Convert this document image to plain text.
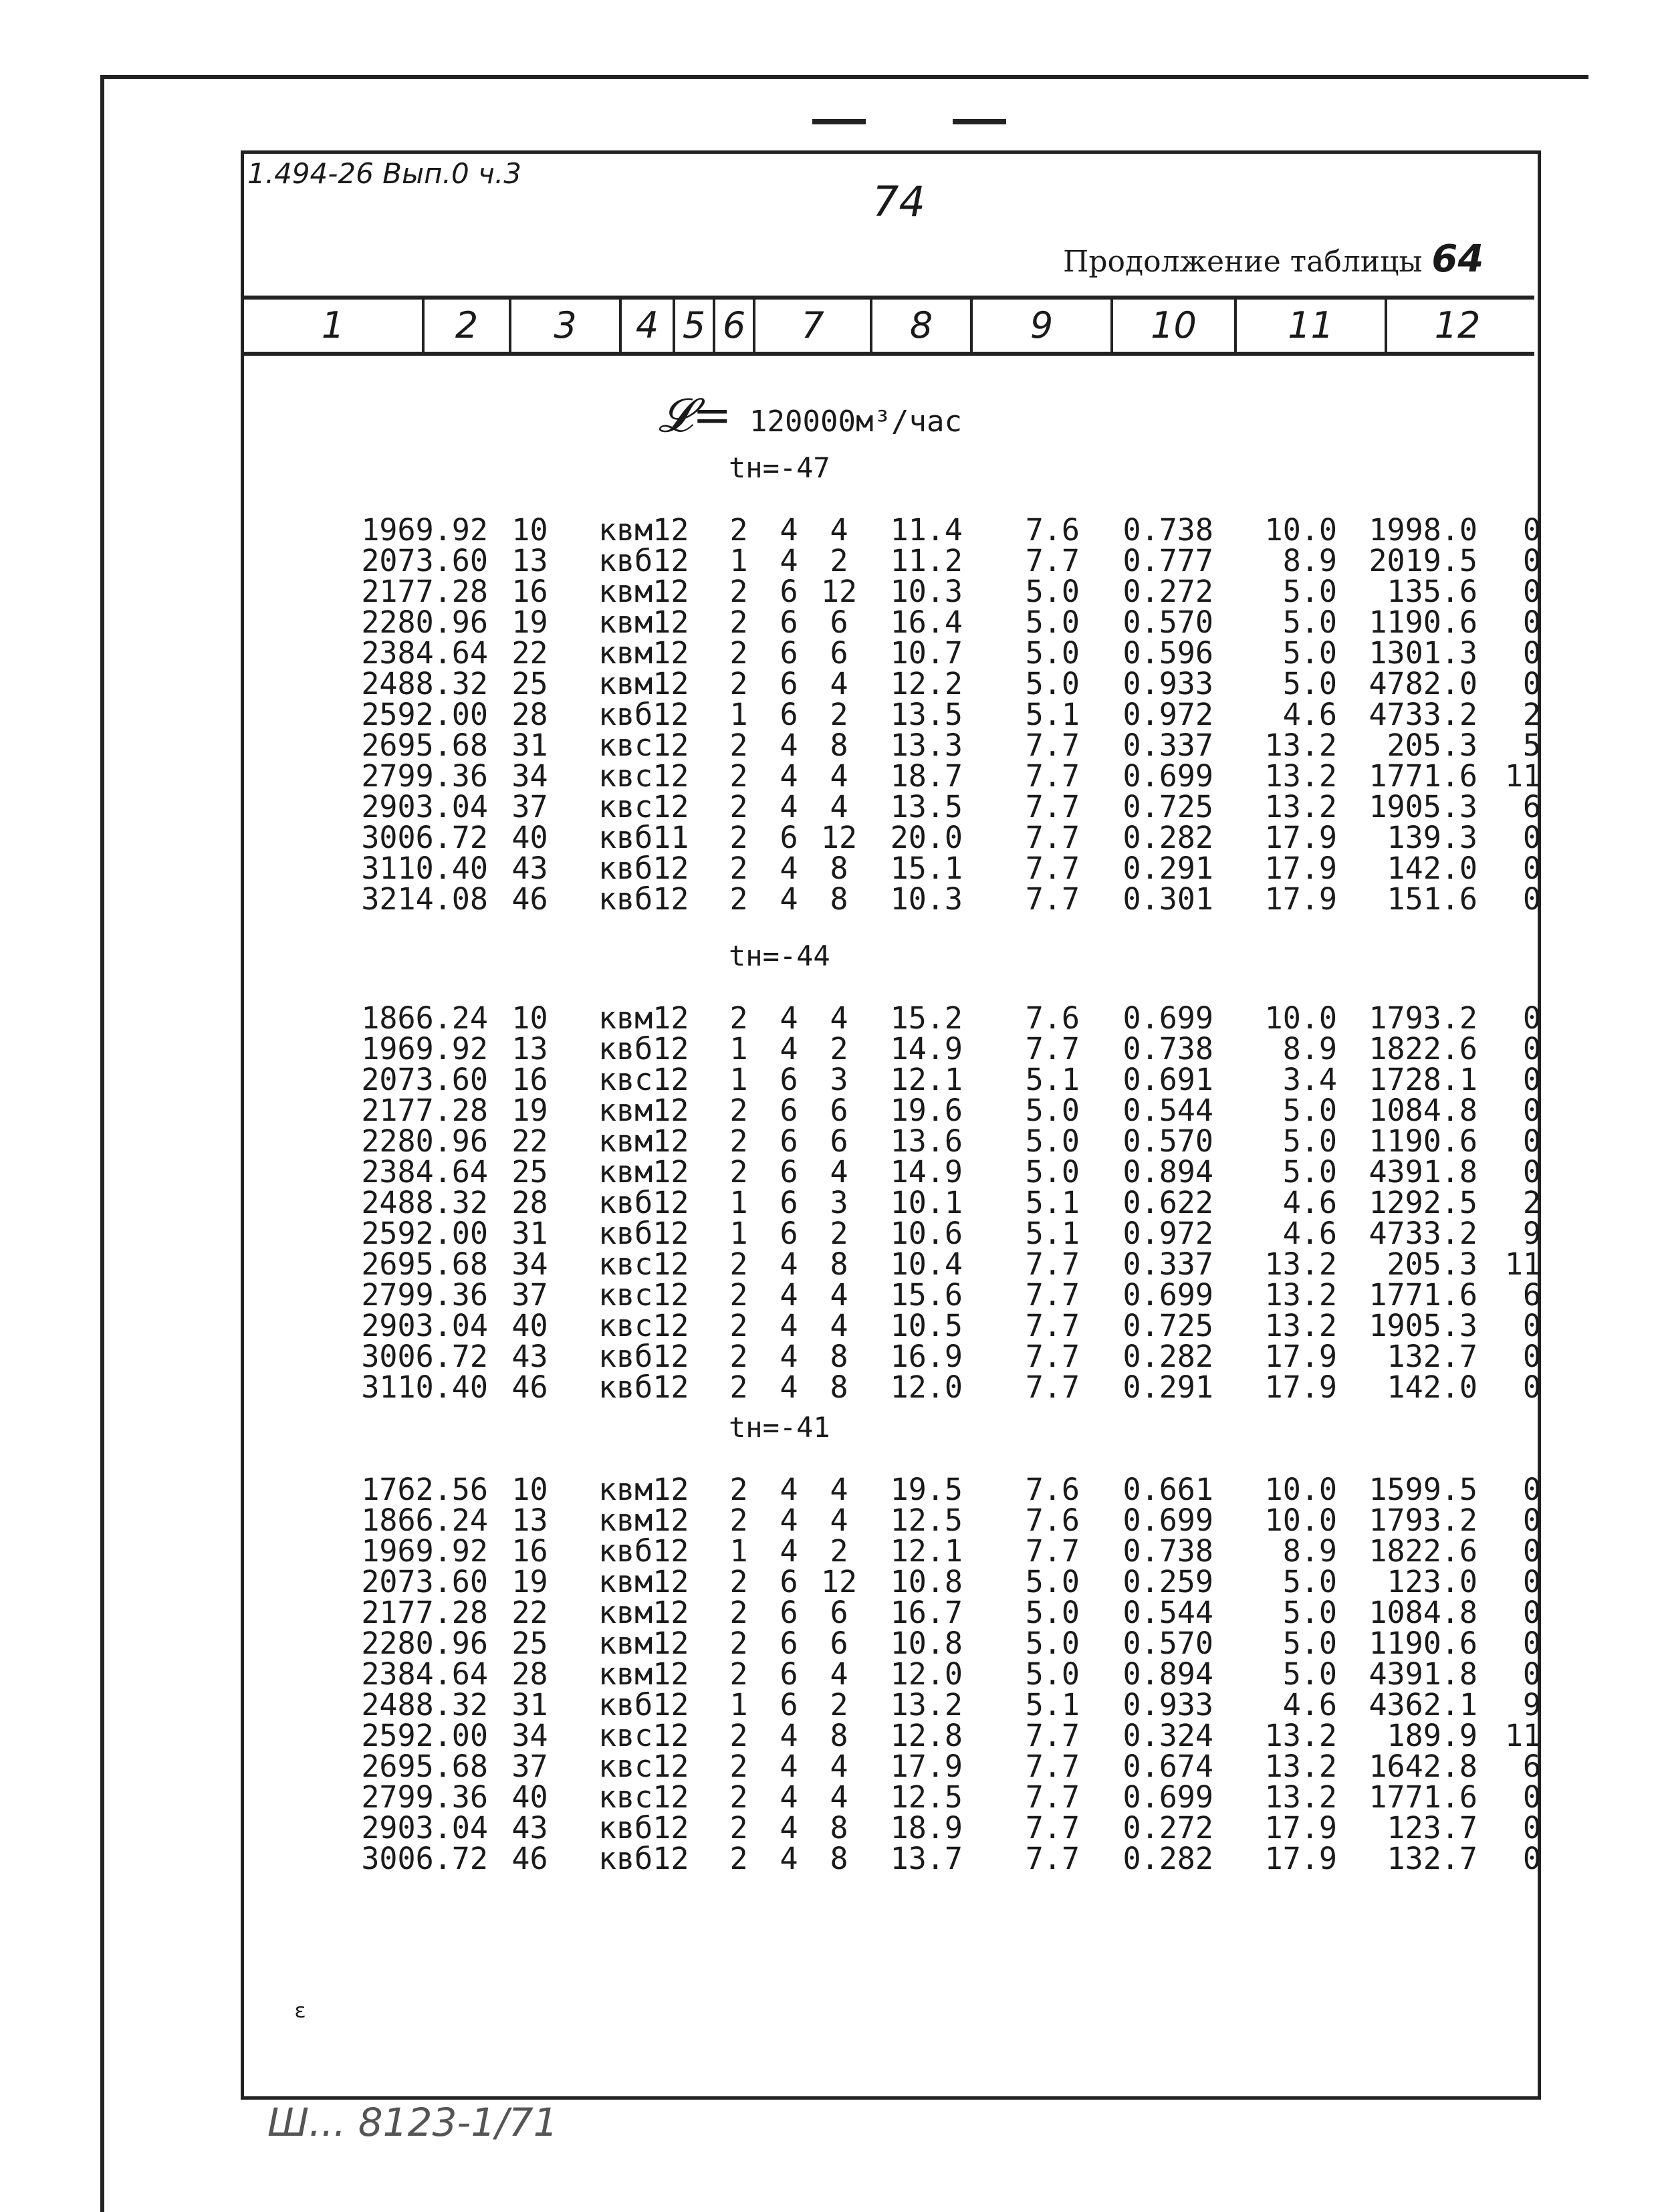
1.494-26 Вып.0 ч.3
74
Продолжение таблицы 64
1	2	3	4 5 6	7	8	9	10	11	12
𝓛= 120000м³/час
tн=-47
tн=-44
tн=-41
1969.92	10	квм12	2	4	4	11.4	7.6	0.738	10.0	1998.0	0
2073.60	13	квб12	1	4	2	11.2	7.7	0.777	8.9	2019.5	0
2177.28	16	квм12	2	6	12	10.3	5.0	0.272	5.0	135.6	0
2280.96	19	квм12	2	6	6	16.4	5.0	0.570	5.0	1190.6	0
2384.64	22	квм12	2	6	6	10.7	5.0	0.596	5.0	1301.3	0
2488.32	25	квм12	2	6	4	12.2	5.0	0.933	5.0	4782.0	0
2592.00	28	квб12	1	6	2	13.5	5.1	0.972	4.6	4733.2	2
2695.68	31	квс12	2	4	8	13.3	7.7	0.337	13.2	205.3	5
2799.36	34	квс12	2	4	4	18.7	7.7	0.699	13.2	1771.6	11
2903.04	37	квс12	2	4	4	13.5	7.7	0.725	13.2	1905.3	6
3006.72	40	квб11	2	6	12	20.0	7.7	0.282	17.9	139.3	0
3110.40	43	квб12	2	4	8	15.1	7.7	0.291	17.9	142.0	0
3214.08	46	квб12	2	4	8	10.3	7.7	0.301	17.9	151.6	0
1866.24	10	квм12	2	4	4	15.2	7.6	0.699	10.0	1793.2	0
1969.92	13	квб12	1	4	2	14.9	7.7	0.738	8.9	1822.6	0
2073.60	16	квс12	1	6	3	12.1	5.1	0.691	3.4	1728.1	0
2177.28	19	квм12	2	6	6	19.6	5.0	0.544	5.0	1084.8	0
2280.96	22	квм12	2	6	6	13.6	5.0	0.570	5.0	1190.6	0
2384.64	25	квм12	2	6	4	14.9	5.0	0.894	5.0	4391.8	0
2488.32	28	квб12	1	6	3	10.1	5.1	0.622	4.6	1292.5	2
2592.00	31	квб12	1	6	2	10.6	5.1	0.972	4.6	4733.2	9
2695.68	34	квс12	2	4	8	10.4	7.7	0.337	13.2	205.3	11
2799.36	37	квс12	2	4	4	15.6	7.7	0.699	13.2	1771.6	6
2903.04	40	квс12	2	4	4	10.5	7.7	0.725	13.2	1905.3	0
3006.72	43	квб12	2	4	8	16.9	7.7	0.282	17.9	132.7	0
3110.40	46	квб12	2	4	8	12.0	7.7	0.291	17.9	142.0	0
1762.56	10	квм12	2	4	4	19.5	7.6	0.661	10.0	1599.5	0
1866.24	13	квм12	2	4	4	12.5	7.6	0.699	10.0	1793.2	0
1969.92	16	квб12	1	4	2	12.1	7.7	0.738	8.9	1822.6	0
2073.60	19	квм12	2	6	12	10.8	5.0	0.259	5.0	123.0	0
2177.28	22	квм12	2	6	6	16.7	5.0	0.544	5.0	1084.8	0
2280.96	25	квм12	2	6	6	10.8	5.0	0.570	5.0	1190.6	0
2384.64	28	квм12	2	6	4	12.0	5.0	0.894	5.0	4391.8	0
2488.32	31	квб12	1	6	2	13.2	5.1	0.933	4.6	4362.1	9
2592.00	34	квс12	2	4	8	12.8	7.7	0.324	13.2	189.9	11
2695.68	37	квс12	2	4	4	17.9	7.7	0.674	13.2	1642.8	6
2799.36	40	квс12	2	4	4	12.5	7.7	0.699	13.2	1771.6	0
2903.04	43	квб12	2	4	8	18.9	7.7	0.272	17.9	123.7	0
3006.72	46	квб12	2	4	8	13.7	7.7	0.282	17.9	132.7	0
ε
Ш... 8123-1/71
